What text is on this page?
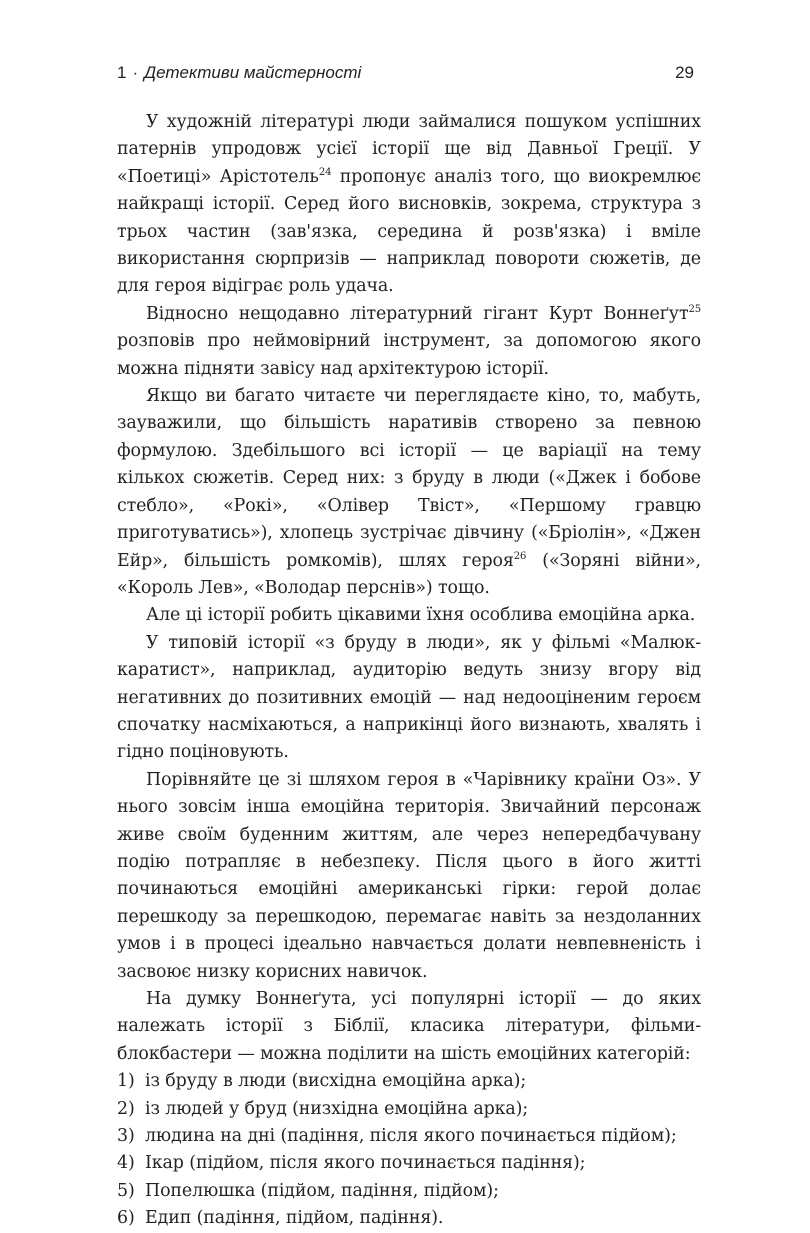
1 · Детективи майстерності	29

У художній літературі люди займалися пошуком успішних патернів упродовж усієї історії ще від Давньої Греції. У «Поетиці» Арістотель$^{24}$ пропонує аналіз того, що виокремлює найкращі історії. Серед його висновків, зокрема, структура з трьох частин (зав'язка, середина й розв'язка) і вміле використання сюрпризів — наприклад повороти сюжетів, де для героя відіграє роль удача.

Відносно нещодавно літературний гігант Курт Воннеґут$^{25}$ розповів про неймовірний інструмент, за допомогою якого можна підняти завісу над архітектурою історії.

Якщо ви багато читаєте чи переглядаєте кіно, то, мабуть, зауважили, що більшість наративів створено за певною формулою. Здебільшого всі історії — це варіації на тему кількох сюжетів. Серед них: з бруду в люди («Джек і бобове стебло», «Рокі», «Олівер Твіст», «Першому гравцю приготуватись»), хлопець зустрічає дівчину («Бріолін», «Джен Ейр», більшість ромкомів), шлях героя$^{26}$ («Зоряні війни», «Король Лев», «Володар перснів») тощо.

Але ці історії робить цікавими їхня особлива емоційна арка.

У типовій історії «з бруду в люди», як у фільмі «Малюк-каратист», наприклад, аудиторію ведуть знизу вгору від негативних до позитивних емоцій — над недооціненим героєм спочатку насміхаються, а наприкінці його визнають, хвалять і гідно поціновують.

Порівняйте це зі шляхом героя в «Чарівнику країни Оз». У нього зовсім інша емоційна територія. Звичайний персонаж живе своїм буденним життям, але через непередбачувану подію потрапляє в небезпеку. Після цього в його житті починаються емоційні американські гірки: герой долає перешкоду за перешкодою, перемагає навіть за нездоланних умов і в процесі ідеально навчається долати невпевненість і засвоює низку корисних навичок.

На думку Воннеґута, усі популярні історії — до яких належать історії з Біблії, класика літератури, фільми-блокбастери — можна поділити на шість емоційних категорій:

1) із бруду в люди (висхідна емоційна арка);
2) із людей у бруд (низхідна емоційна арка);
3) людина на дні (падіння, після якого починається підйом);
4) Ікар (підйом, після якого починається падіння);
5) Попелюшка (підйом, падіння, підйом);
6) Едип (падіння, підйом, падіння).
